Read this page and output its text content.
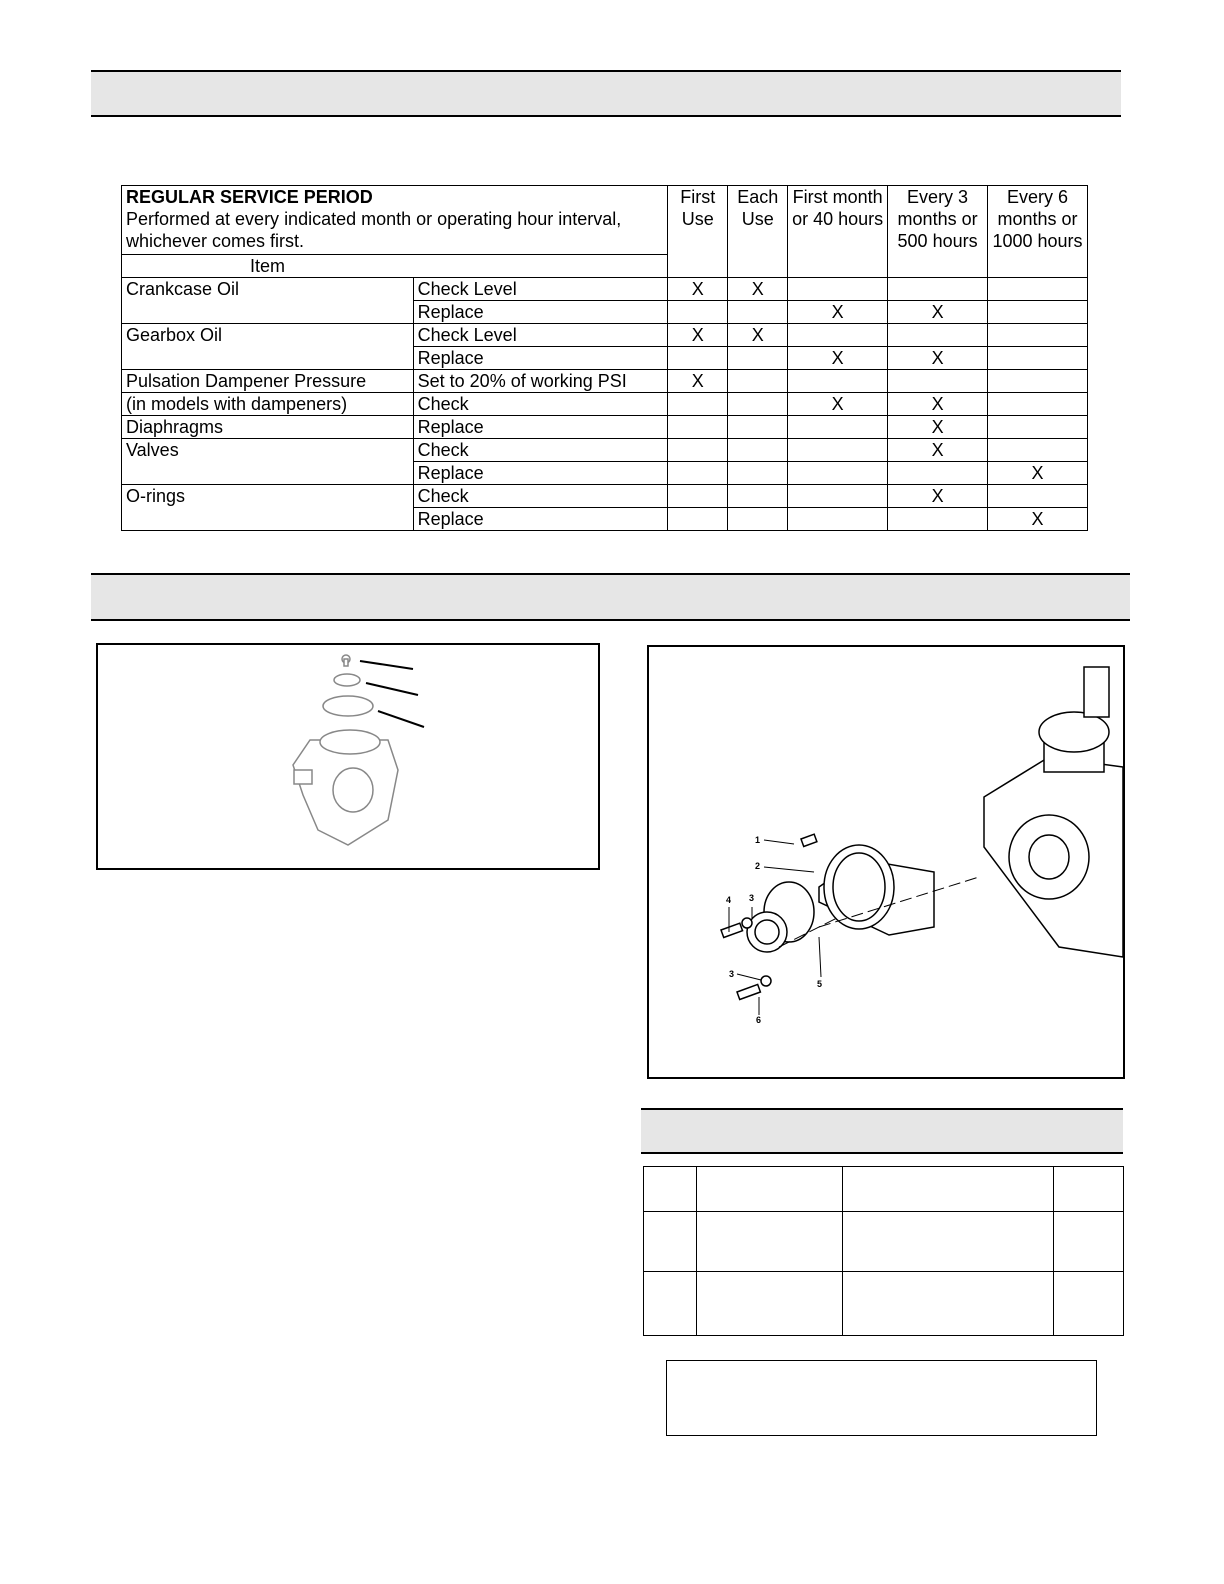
REGULAR SERVICE PERIOD
Performed at every indicated month or operating hour interval, whichever comes first.		First Use	Each Use	First month or 40 hours	Every 3 months or 500 hours	Every 6 months or 1000 hours
Item						
Crankcase Oil	Check Level	X	X			
	Replace			X	X	
Gearbox Oil	Check Level	X	X			
	Replace			X	X	
Pulsation Dampener Pressure	Set to 20% of working PSI	X				
(in models with dampeners)	Check			X	X	
Diaphragms	Replace				X	
Valves	Check				X	
	Replace					X
O-rings	Check				X	
	Replace					X
1
2
3
4
3
5
6
